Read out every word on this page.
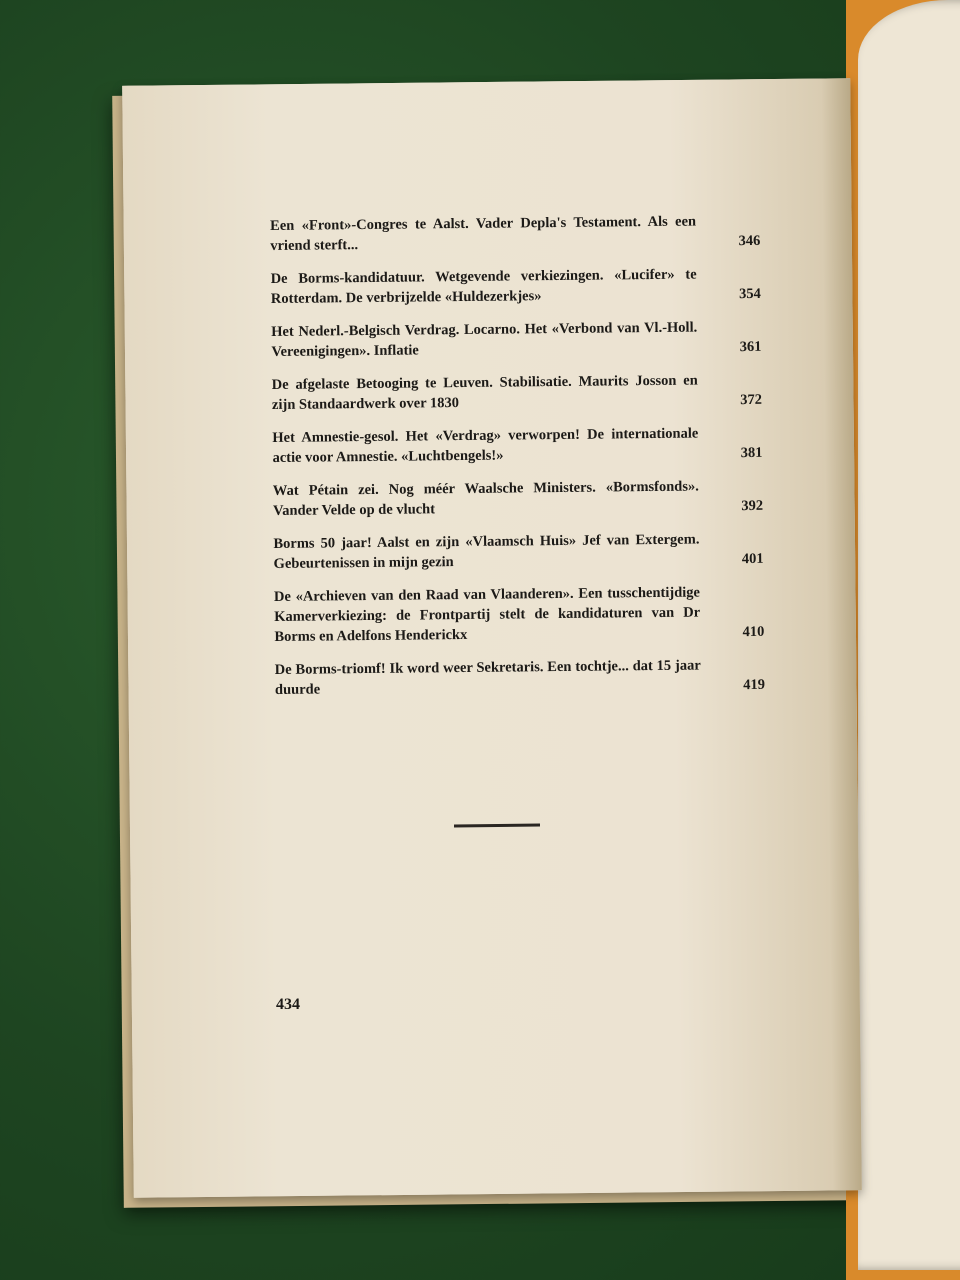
Een «Front»-Congres te Aalst. Vader Depla's Testament. Als een vriend sterft...	346
De Borms-kandidatuur. Wetgevende verkiezingen. «Lucifer» te Rotterdam. De verbrijzelde «Huldezerkjes»	354
Het Nederl.-Belgisch Verdrag. Locarno. Het «Verbond van Vl.-Holl. Vereenigingen». Inflatie	361
De afgelaste Betooging te Leuven. Stabilisatie. Maurits Josson en zijn Standaardwerk over 1830	372
Het Amnestie-gesol. Het «Verdrag» verworpen! De internationale actie voor Amnestie. «Luchtbengels!»	381
Wat Pétain zei. Nog méér Waalsche Ministers. «Bormsfonds». Vander Velde op de vlucht	392
Borms 50 jaar! Aalst en zijn «Vlaamsch Huis» Jef van Extergem. Gebeurtenissen in mijn gezin	401
De «Archieven van den Raad van Vlaanderen». Een tusschentijdige Kamerverkiezing: de Frontpartij stelt de kandidaturen van Dr Borms en Adelfons Henderickx	410
De Borms-triomf! Ik word weer Sekretaris. Een tochtje... dat 15 jaar duurde	419
434
